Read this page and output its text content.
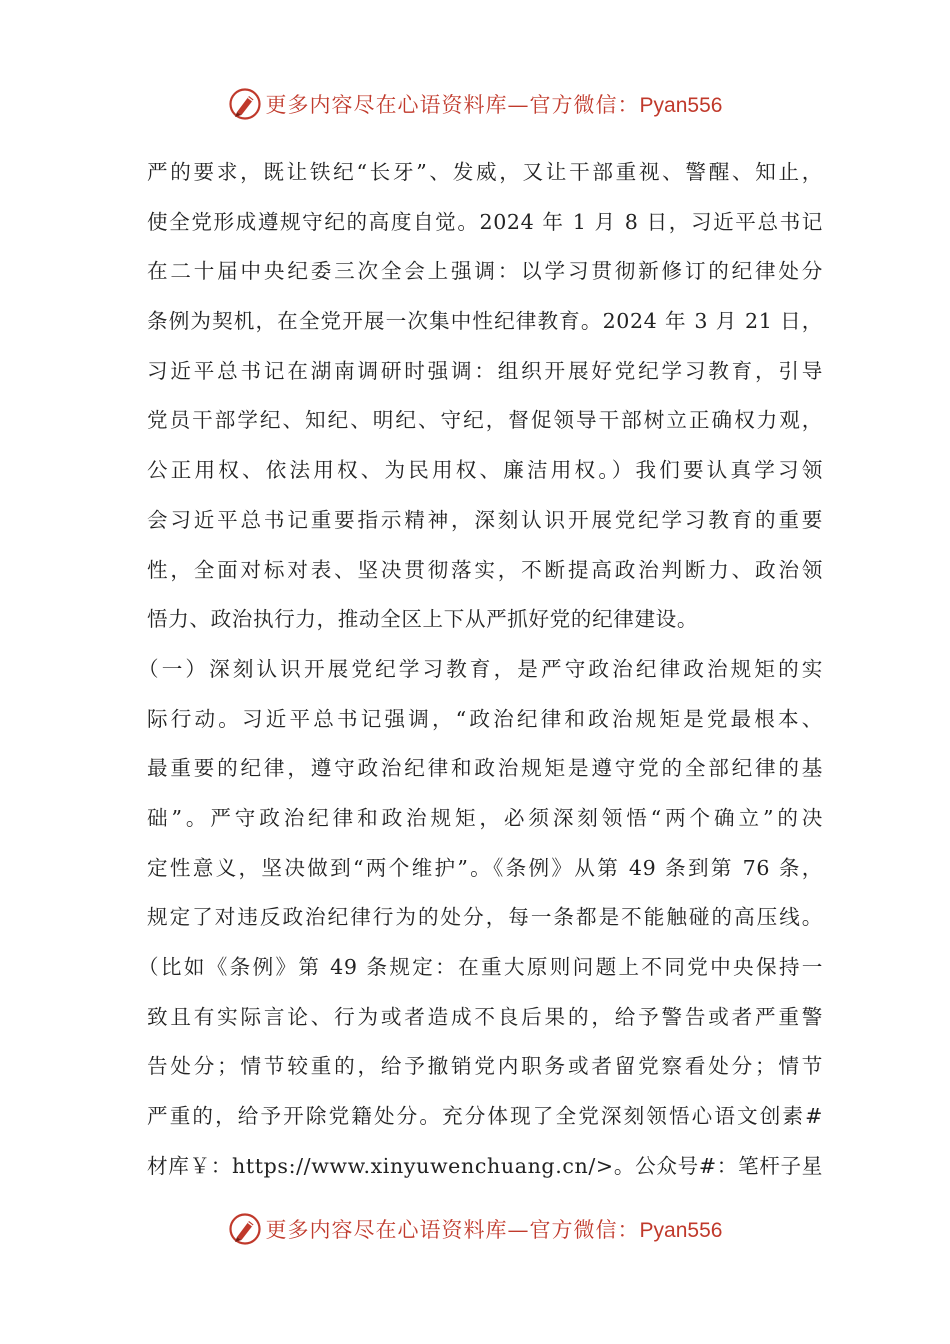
更多内容尽在心语资料库—官方微信：Pyan556
严的要求，既让铁纪“长牙”、发威，又让干部重视、警醒、知止，
使全党形成遵规守纪的高度自觉。2024 年 1 月 8 日，习近平总书记
在二十届中央纪委三次全会上强调：以学习贯彻新修订的纪律处分
条例为契机，在全党开展一次集中性纪律教育。2024 年 3 月 21 日，
习近平总书记在湖南调研时强调：组织开展好党纪学习教育，引导
党员干部学纪、知纪、明纪、守纪，督促领导干部树立正确权力观，
公正用权、依法用权、为民用权、廉洁用权。）我们要认真学习领
会习近平总书记重要指示精神，深刻认识开展党纪学习教育的重要
性，全面对标对表、坚决贯彻落实，不断提高政治判断力、政治领
悟力、政治执行力，推动全区上下从严抓好党的纪律建设。
（一）深刻认识开展党纪学习教育，是严守政治纪律政治规矩的实
际行动。习近平总书记强调，“政治纪律和政治规矩是党最根本、
最重要的纪律，遵守政治纪律和政治规矩是遵守党的全部纪律的基
础”。严守政治纪律和政治规矩，必须深刻领悟“两个确立”的决
定性意义，坚决做到“两个维护”。《条例》从第 49 条到第 76 条，
规定了对违反政治纪律行为的处分，每一条都是不能触碰的高压线。
（比如《条例》第 49 条规定：在重大原则问题上不同党中央保持一
致且有实际言论、行为或者造成不良后果的，给予警告或者严重警
告处分；情节较重的，给予撤销党内职务或者留党察看处分；情节
严重的，给予开除党籍处分。充分体现了全党深刻领悟心语文创素#
材库￥：https://www.xinyuwenchuang.cn/>。公众号#：笔杆子星
更多内容尽在心语资料库—官方微信：Pyan556
